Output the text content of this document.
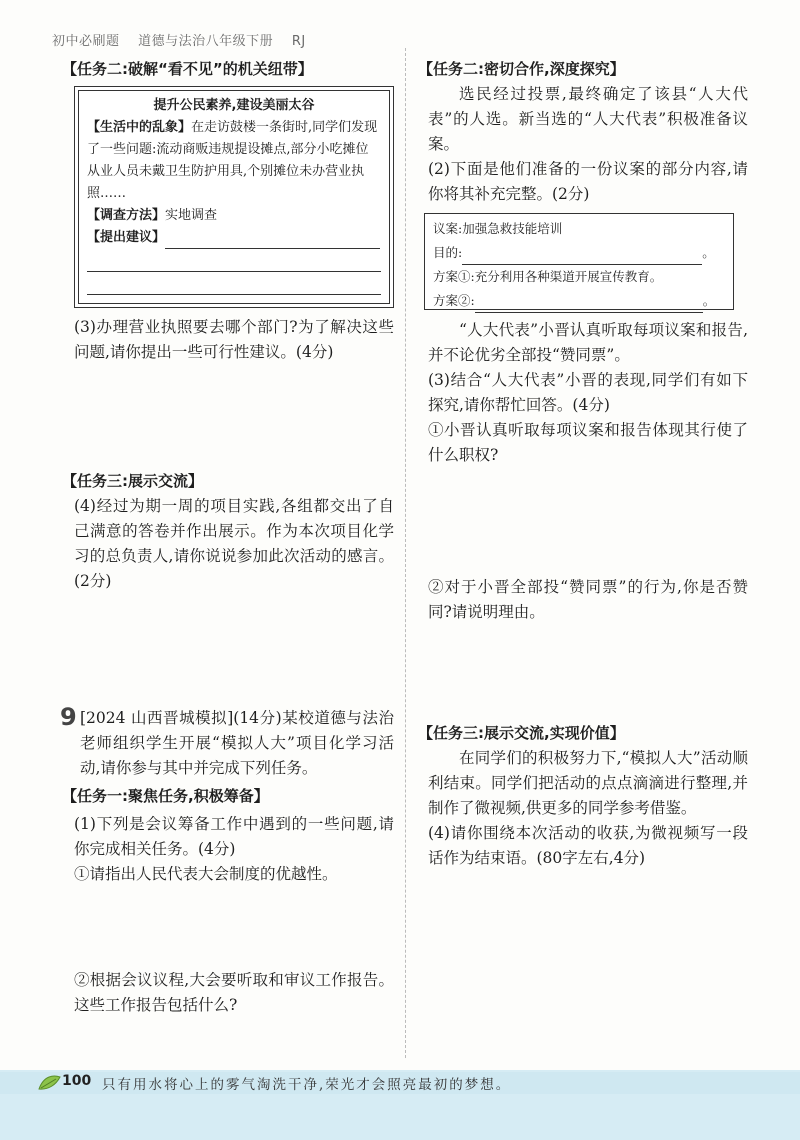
初中必刷题 道德与法治八年级下册 RJ

【任务二:破解“看不见”的机关纽带】

提升公民素养,建设美丽太谷

【生活中的乱象】在走访鼓楼一条街时,同学们发现了一些问题:流动商贩违规提设摊点,部分小吃摊位从业人员未戴卫生防护用具,个别摊位未办营业执照……

【调查方法】实地调查

【提出建议】

(3)办理营业执照要去哪个部门?为了解决这些问题,请你提出一些可行性建议。(4分)

【任务三:展示交流】

(4)经过为期一周的项目实践,各组都交出了自己满意的答卷并作出展示。作为本次项目化学习的总负责人,请你说说参加此次活动的感言。(2分)

9 [2024 山西晋城模拟](14分)某校道德与法治老师组织学生开展“模拟人大”项目化学习活动,请你参与其中并完成下列任务。

【任务一:聚焦任务,积极筹备】

(1)下列是会议筹备工作中遇到的一些问题,请你完成相关任务。(4分)

①请指出人民代表大会制度的优越性。

②根据会议议程,大会要听取和审议工作报告。这些工作报告包括什么?

【任务二:密切合作,深度探究】

选民经过投票,最终确定了该县“人大代表”的人选。新当选的“人大代表”积极准备议案。

(2)下面是他们准备的一份议案的部分内容,请你将其补充完整。(2分)

议案:加强急救技能培训

目的:	。

方案①:充分利用各种渠道开展宣传教育。

方案②:	。

“人大代表”小晋认真听取每项议案和报告,并不论优劣全部投“赞同票”。

(3)结合“人大代表”小晋的表现,同学们有如下探究,请你帮忙回答。(4分)

①小晋认真听取每项议案和报告体现其行使了什么职权?

②对于小晋全部投“赞同票”的行为,你是否赞同?请说明理由。

【任务三:展示交流,实现价值】

在同学们的积极努力下,“模拟人大”活动顺利结束。同学们把活动的点点滴滴进行整理,并制作了微视频,供更多的同学参考借鉴。

(4)请你围绕本次活动的收获,为微视频写一段话作为结束语。(80字左右,4分)

100 只有用水将心上的雾气淘洗干净,荣光才会照亮最初的梦想。
